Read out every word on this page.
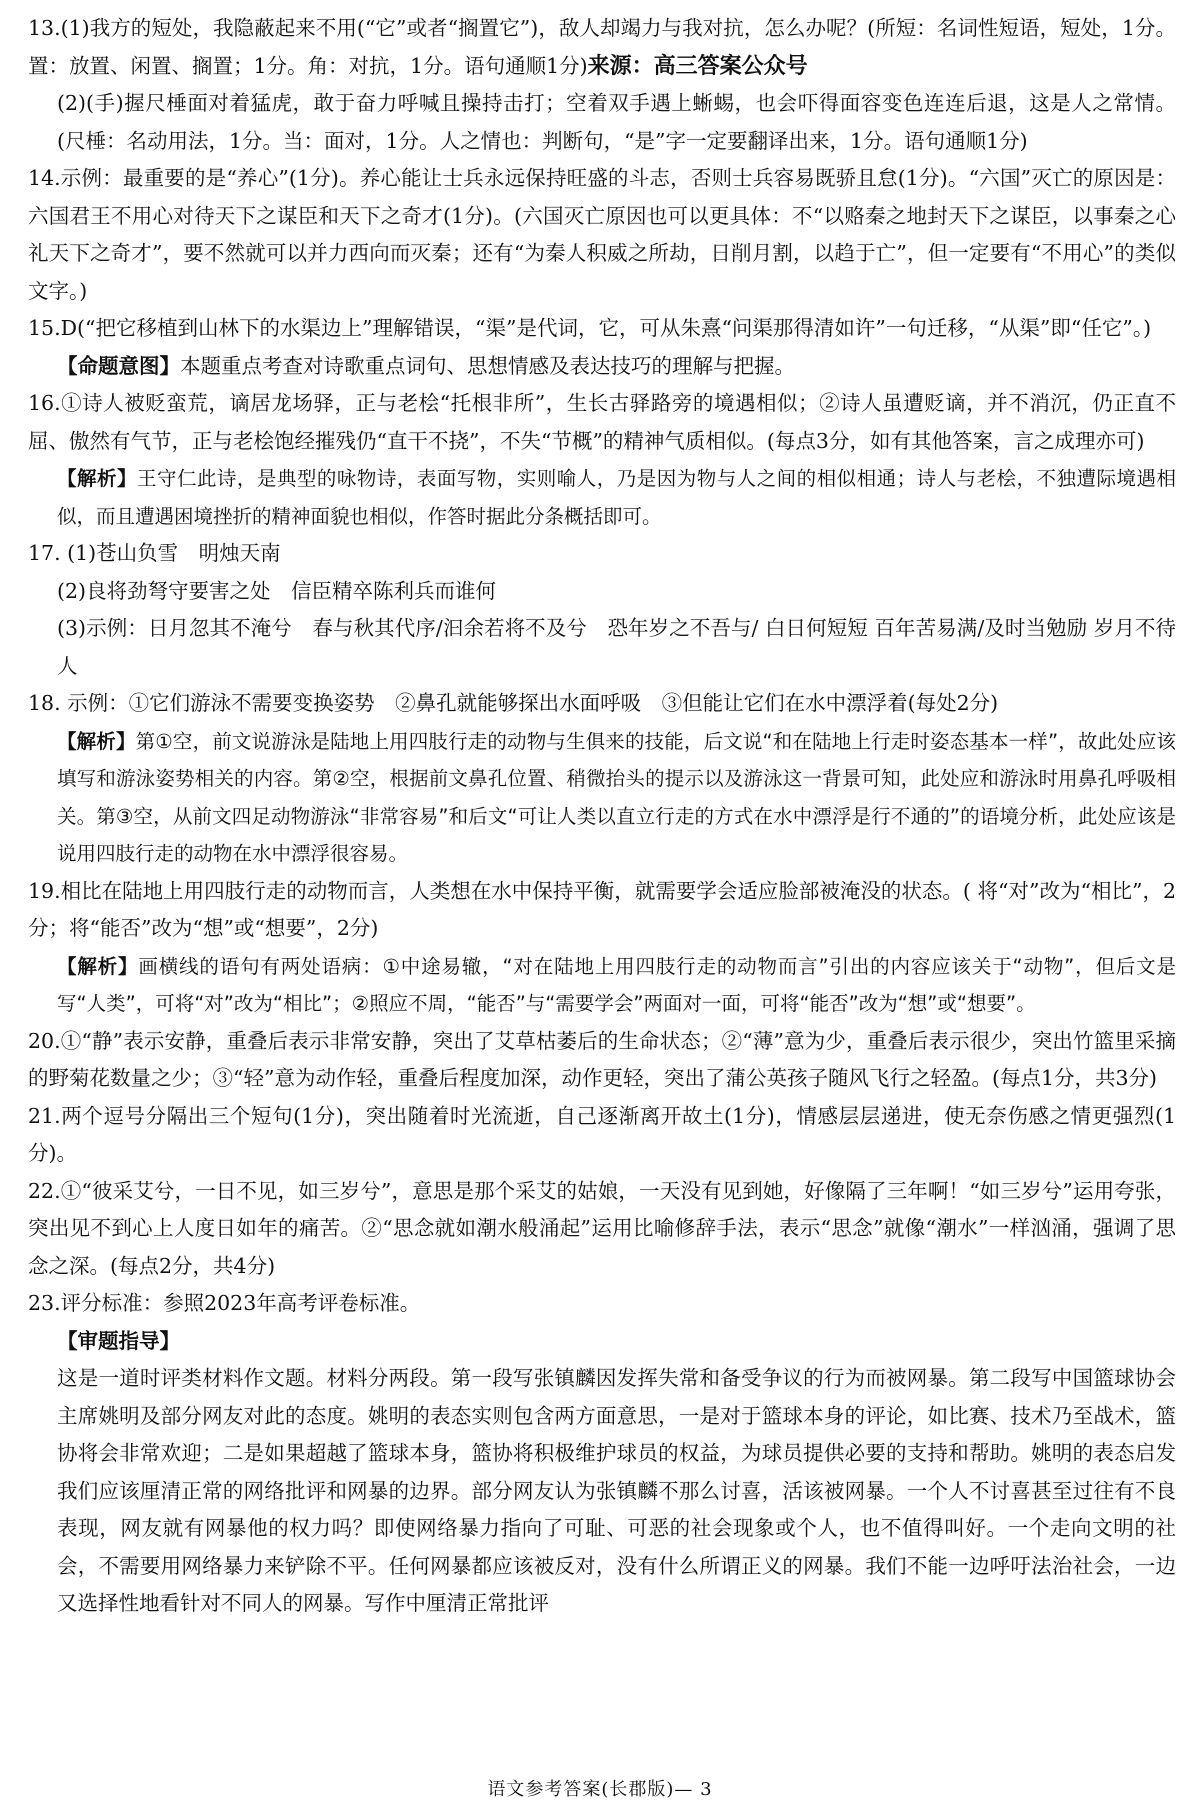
13.(1)我方的短处，我隐蔽起来不用(“它”或者“搁置它”)，敌人却竭力与我对抗，怎么办呢？(所短：名词性短语，短处，1分。置：放置、闲置、搁置；1分。角：对抗，1分。语句通顺1分)来源：高三答案公众号

(2)(手)握尺棰面对着猛虎，敢于奋力呼喊且操持击打；空着双手遇上蜥蜴，也会吓得面容变色连连后退，这是人之常情。(尺棰：名动用法，1分。当：面对，1分。人之情也：判断句，“是”字一定要翻译出来，1分。语句通顺1分)

14.示例：最重要的是“养心”(1分)。养心能让士兵永远保持旺盛的斗志，否则士兵容易既骄且怠(1分)。“六国”灭亡的原因是：六国君王不用心对待天下之谋臣和天下之奇才(1分)。(六国灭亡原因也可以更具体：不“以赂秦之地封天下之谋臣，以事秦之心礼天下之奇才”，要不然就可以并力西向而灭秦；还有“为秦人积威之所劫，日削月割，以趋于亡”，但一定要有“不用心”的类似文字。)

15.D(“把它移植到山林下的水渠边上”理解错误，“渠”是代词，它，可从朱熹“问渠那得清如许”一句迁移，“从渠”即“任它”。)

【命题意图】本题重点考查对诗歌重点词句、思想情感及表达技巧的理解与把握。

16.①诗人被贬蛮荒，谪居龙场驿，正与老桧“托根非所”，生长古驿路旁的境遇相似；②诗人虽遭贬谪，并不消沉，仍正直不屈、傲然有气节，正与老桧饱经摧残仍“直干不挠”，不失“节概”的精神气质相似。(每点3分，如有其他答案，言之成理亦可)

【解析】王守仁此诗，是典型的咏物诗，表面写物，实则喻人，乃是因为物与人之间的相似相通；诗人与老桧，不独遭际境遇相似，而且遭遇困境挫折的精神面貌也相似，作答时据此分条概括即可。

17. (1)苍山负雪　明烛天南

(2)良将劲弩守要害之处　信臣精卒陈利兵而谁何

(3)示例：日月忽其不淹兮　春与秋其代序/汩余若将不及兮　恐年岁之不吾与/ 白日何短短 百年苦易满/及时当勉励 岁月不待人

18. 示例：①它们游泳不需要变换姿势　②鼻孔就能够探出水面呼吸　③但能让它们在水中漂浮着(每处2分)

【解析】第①空，前文说游泳是陆地上用四肢行走的动物与生俱来的技能，后文说“和在陆地上行走时姿态基本一样”，故此处应该填写和游泳姿势相关的内容。第②空，根据前文鼻孔位置、稍微抬头的提示以及游泳这一背景可知，此处应和游泳时用鼻孔呼吸相关。第③空，从前文四足动物游泳“非常容易”和后文“可让人类以直立行走的方式在水中漂浮是行不通的”的语境分析，此处应该是说用四肢行走的动物在水中漂浮很容易。

19.相比在陆地上用四肢行走的动物而言，人类想在水中保持平衡，就需要学会适应脸部被淹没的状态。( 将“对”改为“相比”，2分；将“能否”改为“想”或“想要”，2分)

【解析】画横线的语句有两处语病：①中途易辙，“对在陆地上用四肢行走的动物而言”引出的内容应该关于“动物”，但后文是写“人类”，可将“对”改为“相比”；②照应不周，“能否”与“需要学会”两面对一面，可将“能否”改为“想”或“想要”。

20.①“静”表示安静，重叠后表示非常安静，突出了艾草枯萎后的生命状态；②“薄”意为少，重叠后表示很少，突出竹篮里采摘的野菊花数量之少；③“轻”意为动作轻，重叠后程度加深，动作更轻，突出了蒲公英孩子随风飞行之轻盈。(每点1分，共3分)

21.两个逗号分隔出三个短句(1分)，突出随着时光流逝，自己逐渐离开故土(1分)，情感层层递进，使无奈伤感之情更强烈(1分)。

22.①“彼采艾兮，一日不见，如三岁兮”，意思是那个采艾的姑娘，一天没有见到她，好像隔了三年啊！“如三岁兮”运用夸张，突出见不到心上人度日如年的痛苦。②“思念就如潮水般涌起”运用比喻修辞手法，表示“思念”就像“潮水”一样汹涌，强调了思念之深。(每点2分，共4分)

23.评分标准：参照2023年高考评卷标准。

【审题指导】

这是一道时评类材料作文题。材料分两段。第一段写张镇麟因发挥失常和备受争议的行为而被网暴。第二段写中国篮球协会主席姚明及部分网友对此的态度。姚明的表态实则包含两方面意思，一是对于篮球本身的评论，如比赛、技术乃至战术，篮协将会非常欢迎；二是如果超越了篮球本身，篮协将积极维护球员的权益，为球员提供必要的支持和帮助。姚明的表态启发我们应该厘清正常的网络批评和网暴的边界。部分网友认为张镇麟不那么讨喜，活该被网暴。一个人不讨喜甚至过往有不良表现，网友就有网暴他的权力吗？即使网络暴力指向了可耻、可恶的社会现象或个人，也不值得叫好。一个走向文明的社会，不需要用网络暴力来铲除不平。任何网暴都应该被反对，没有什么所谓正义的网暴。我们不能一边呼吁法治社会，一边又选择性地看针对不同人的网暴。写作中厘清正常批评

语文参考答案(长郡版)— 3
